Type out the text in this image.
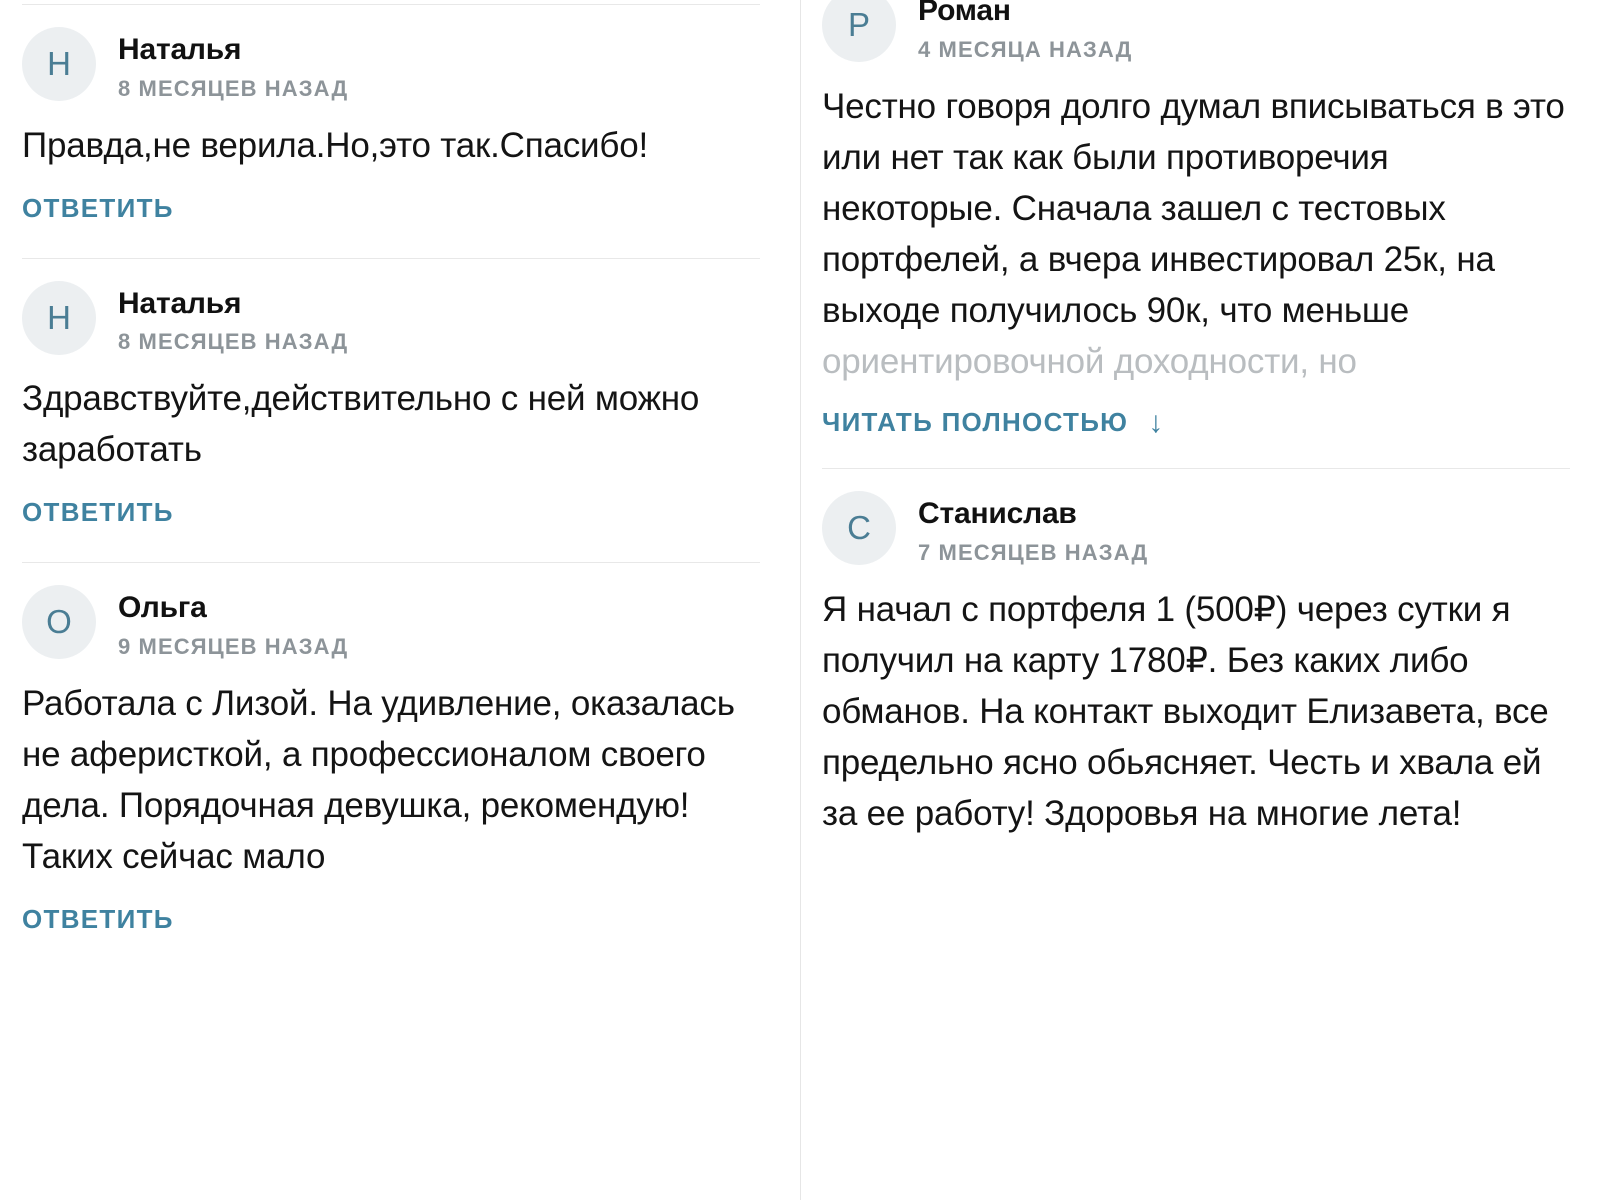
Н	Наталья
8 МЕСЯЦЕВ НАЗАД
Правда,не верила.Но,это так.Спасибо!
ОТВЕТИТЬ
Н	Наталья
8 МЕСЯЦЕВ НАЗАД
Здравствуйте,действительно с ней можно заработать
ОТВЕТИТЬ
О	Ольга
9 МЕСЯЦЕВ НАЗАД
Работала с Лизой. На удивление, оказалась не аферисткой, а профессионалом своего дела. Порядочная девушка, рекомендую! Таких сейчас мало
ОТВЕТИТЬ
Р	Роман
4 МЕСЯЦА НАЗАД
Честно говоря долго думал вписываться в это или нет так как были противоречия некоторые. Сначала зашел с тестовых портфелей, а вчера инвестировал 25к, на выходе получилось 90к, что меньше ориентировочной доходности, но
ЧИТАТЬ ПОЛНОСТЬЮ ↓
С	Станислав
7 МЕСЯЦЕВ НАЗАД
Я начал с портфеля 1 (500₽) через сутки я получил на карту 1780₽. Без каких либо обманов. На контакт выходит Елизавета, все предельно ясно обьясняет. Честь и хвала ей за ее работу! Здоровья на многие лета!
